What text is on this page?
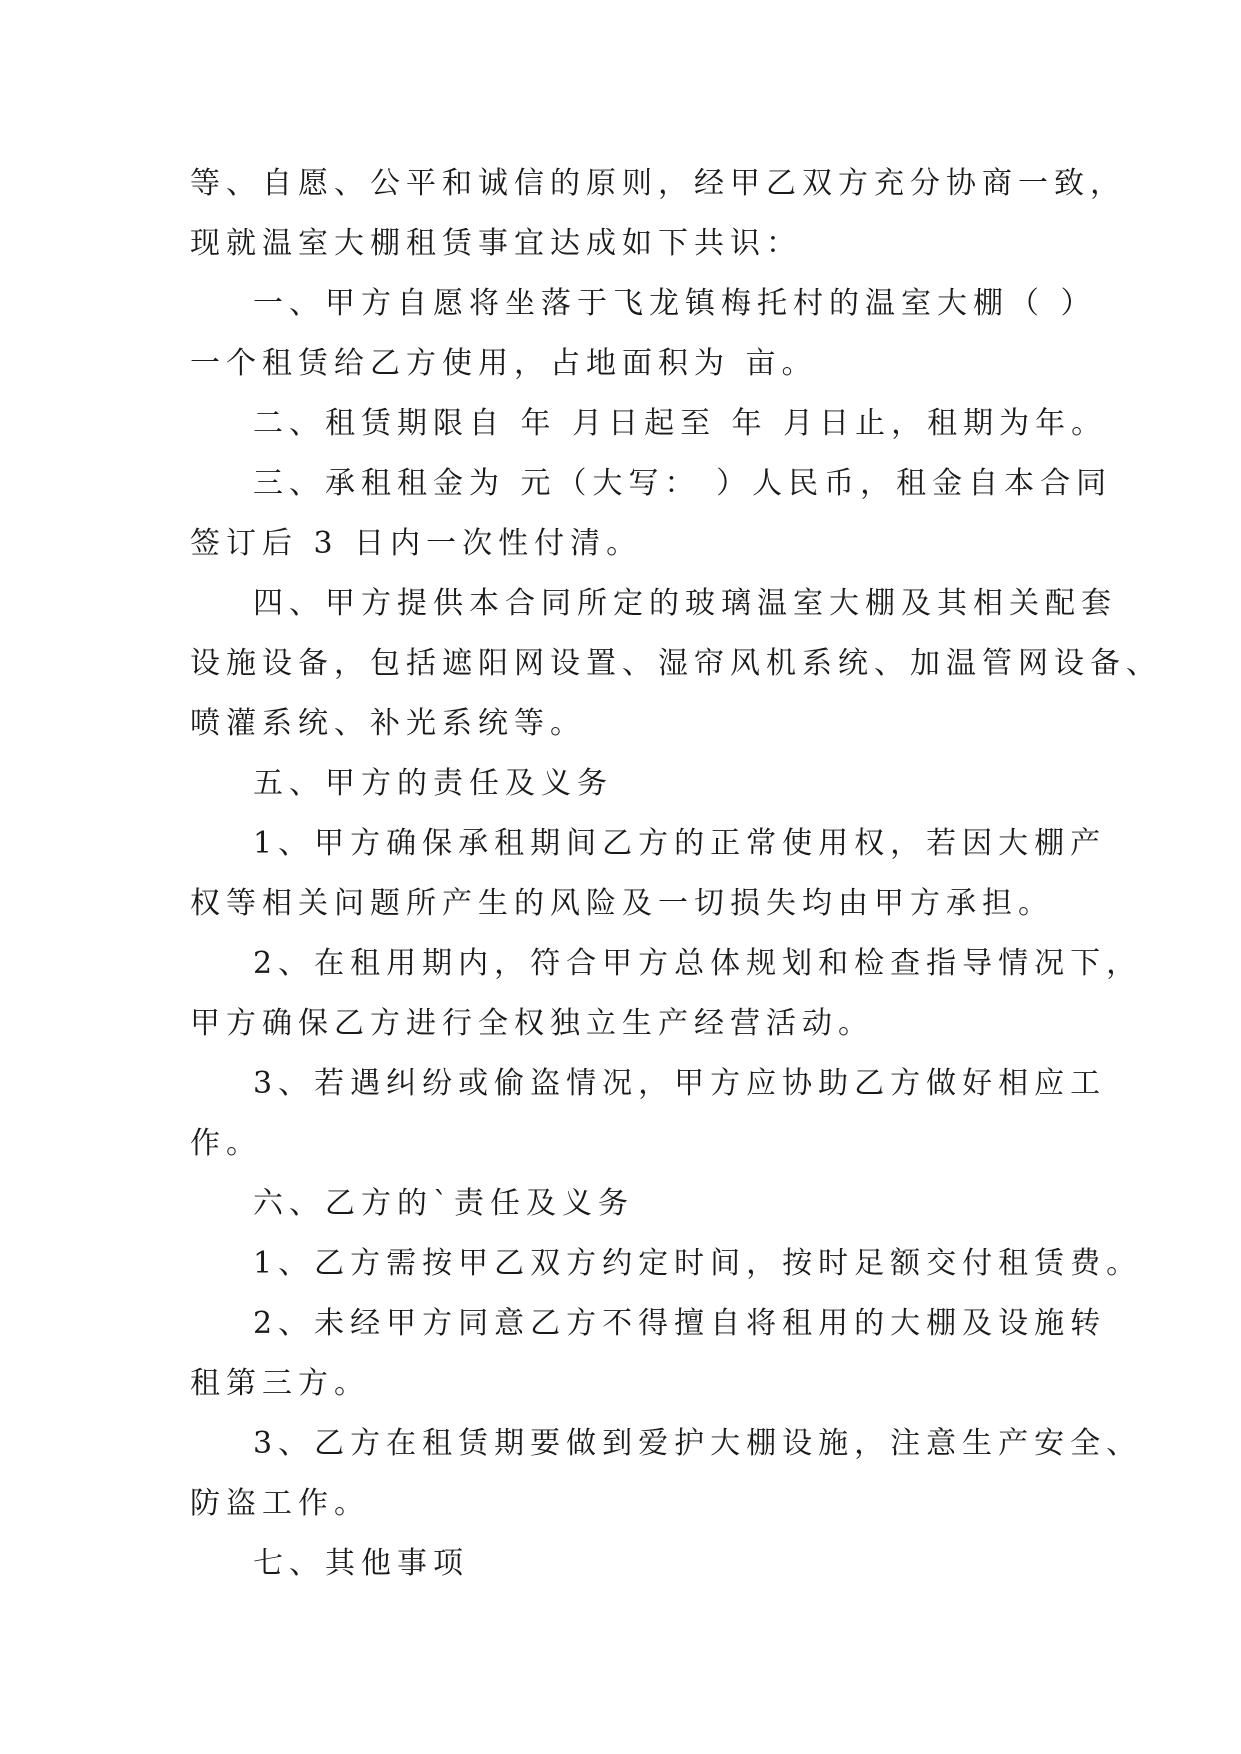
等、自愿、公平和诚信的原则，经甲乙双方充分协商一致，

现就温室大棚租赁事宜达成如下共识：

一、甲方自愿将坐落于飞龙镇梅托村的温室大棚（ ）

一个租赁给乙方使用，占地面积为 亩。

二、租赁期限自 年 月日起至 年 月日止，租期为年。

三、承租租金为 元（大写： ）人民币，租金自本合同

签订后 3 日内一次性付清。

四、甲方提供本合同所定的玻璃温室大棚及其相关配套

设施设备，包括遮阳网设置、湿帘风机系统、加温管网设备、

喷灌系统、补光系统等。

五、甲方的责任及义务

1、甲方确保承租期间乙方的正常使用权，若因大棚产

权等相关问题所产生的风险及一切损失均由甲方承担。

2、在租用期内，符合甲方总体规划和检查指导情况下，

甲方确保乙方进行全权独立生产经营活动。

3、若遇纠纷或偷盗情况，甲方应协助乙方做好相应工

作。

六、乙方的`责任及义务

1、乙方需按甲乙双方约定时间，按时足额交付租赁费。

2、未经甲方同意乙方不得擅自将租用的大棚及设施转

租第三方。

3、乙方在租赁期要做到爱护大棚设施，注意生产安全、

防盗工作。

七、其他事项
